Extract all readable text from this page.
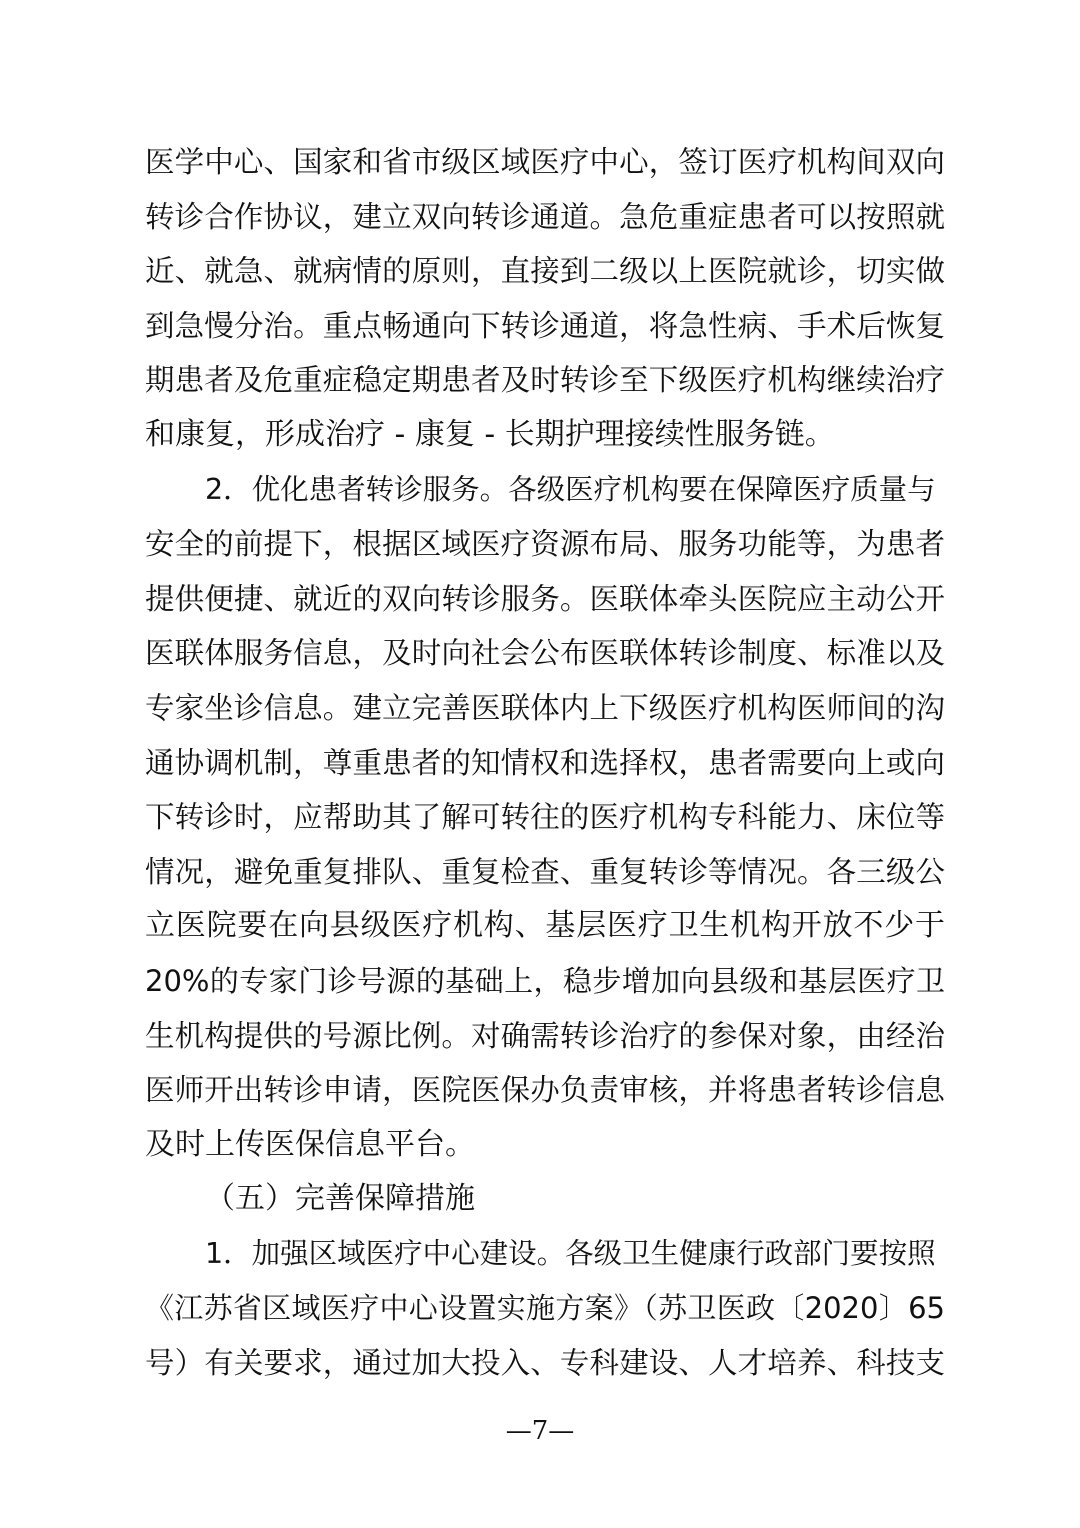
医学中心、国家和省市级区域医疗中心，签订医疗机构间双向
转诊合作协议，建立双向转诊通道。急危重症患者可以按照就
近、就急、就病情的原则，直接到二级以上医院就诊，切实做
到急慢分治。重点畅通向下转诊通道，将急性病、手术后恢复
期患者及危重症稳定期患者及时转诊至下级医疗机构继续治疗
和康复，形成治疗 - 康复 - 长期护理接续性服务链。
2．优化患者转诊服务。各级医疗机构要在保障医疗质量与
安全的前提下，根据区域医疗资源布局、服务功能等，为患者
提供便捷、就近的双向转诊服务。医联体牵头医院应主动公开
医联体服务信息，及时向社会公布医联体转诊制度、标准以及
专家坐诊信息。建立完善医联体内上下级医疗机构医师间的沟
通协调机制，尊重患者的知情权和选择权，患者需要向上或向
下转诊时，应帮助其了解可转往的医疗机构专科能力、床位等
情况，避免重复排队、重复检查、重复转诊等情况。各三级公
立医院要在向县级医疗机构、基层医疗卫生机构开放不少于
20%的专家门诊号源的基础上，稳步增加向县级和基层医疗卫
生机构提供的号源比例。对确需转诊治疗的参保对象，由经治
医师开出转诊申请，医院医保办负责审核，并将患者转诊信息
及时上传医保信息平台。
（五）完善保障措施
1．加强区域医疗中心建设。各级卫生健康行政部门要按照
《江苏省区域医疗中心设置实施方案》（苏卫医政〔2020〕65
号）有关要求，通过加大投入、专科建设、人才培养、科技支
—7—
